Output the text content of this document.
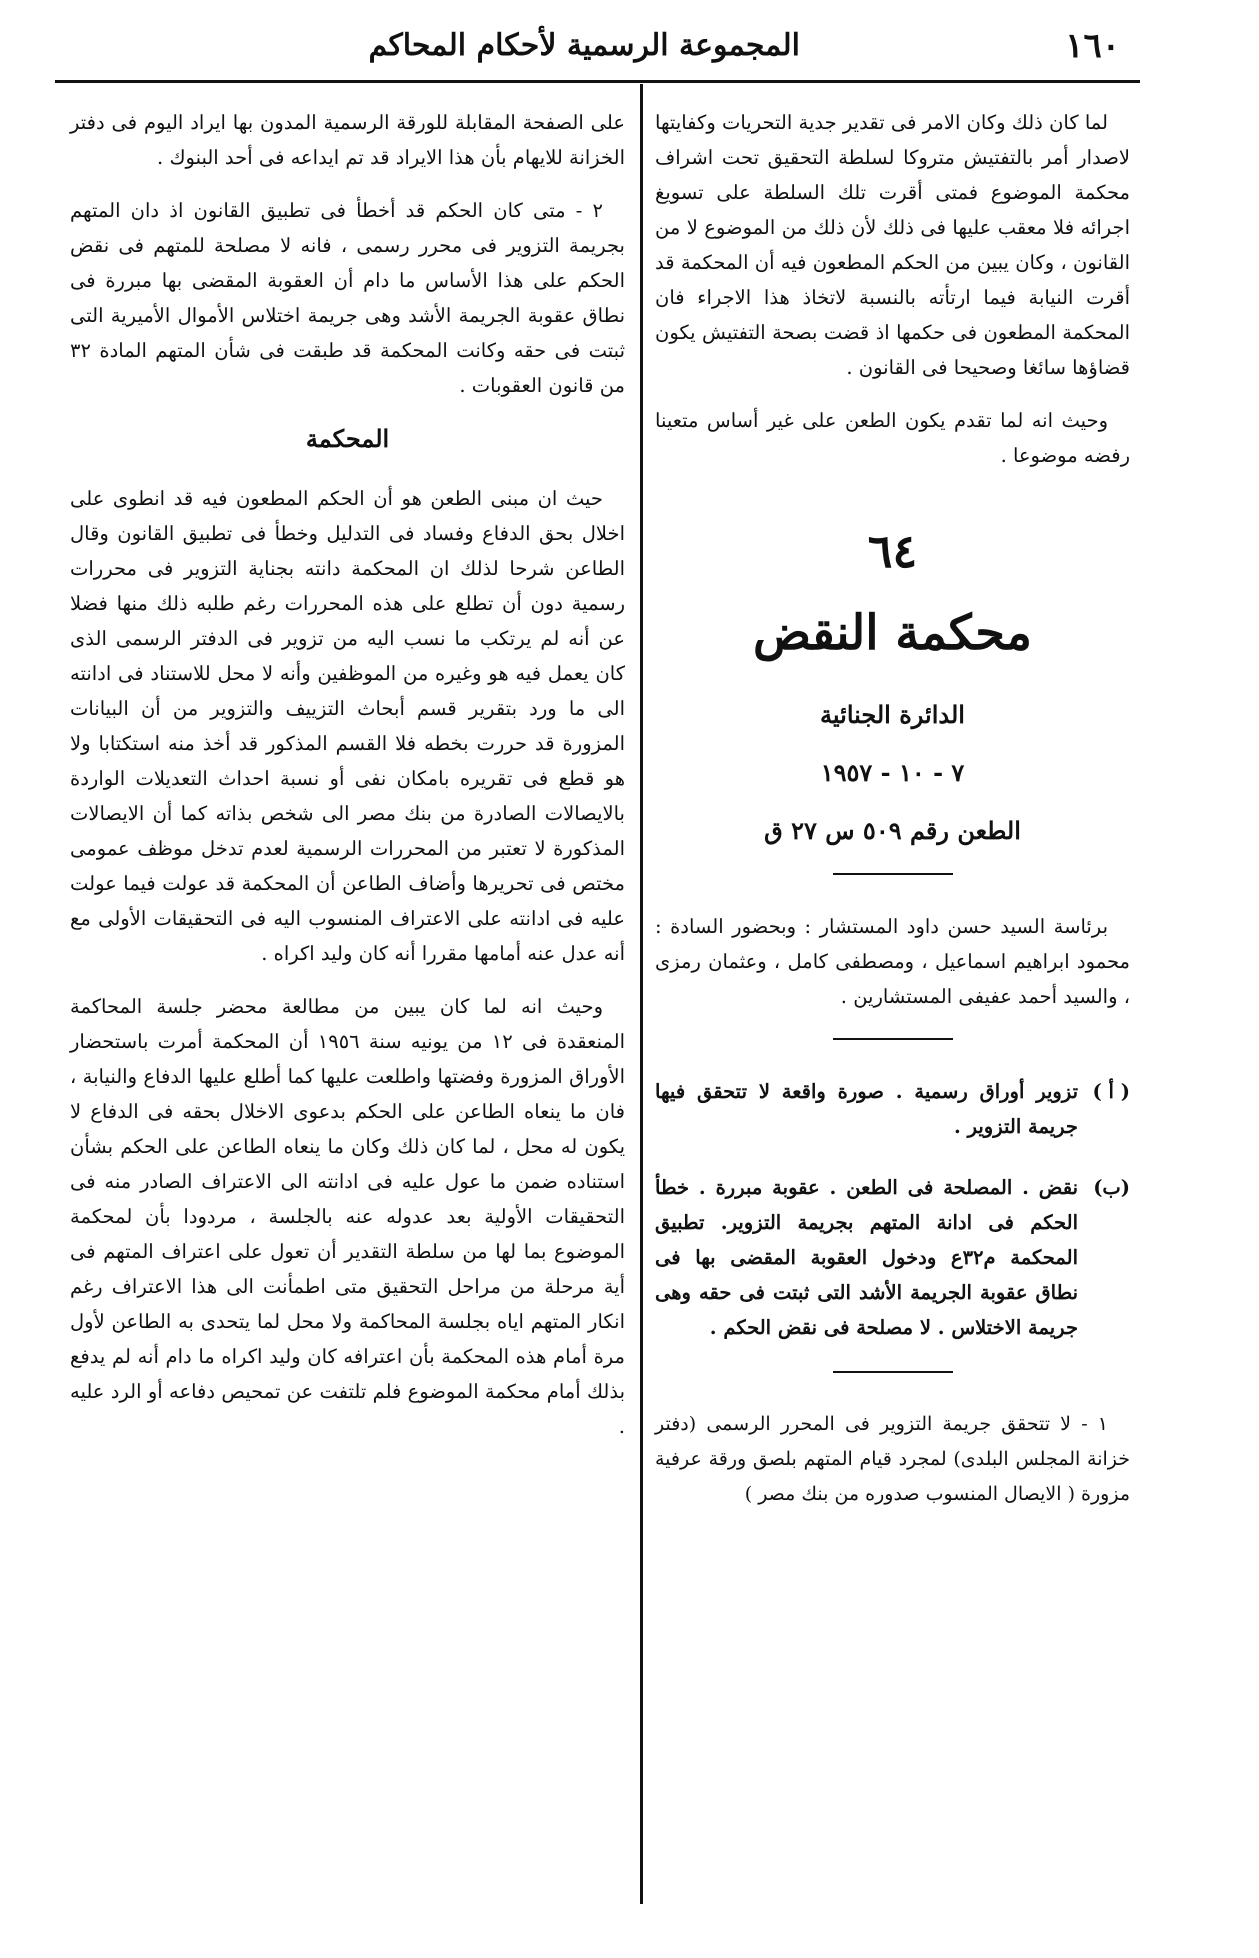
١٦٠
المجموعة الرسمية لأحكام المحاكم

لما كان ذلك وكان الامر فى تقدير جدية التحريات وكفايتها لاصدار أمر بالتفتيش متروكا لسلطة التحقيق تحت اشراف محكمة الموضوع فمتى أقرت تلك السلطة على تسويغ اجرائه فلا معقب عليها فى ذلك لأن ذلك من الموضوع لا من القانون ، وكان يبين من الحكم المطعون فيه أن المحكمة قد أقرت النيابة فيما ارتأته بالنسبة لاتخاذ هذا الاجراء فان المحكمة المطعون فى حكمها اذ قضت بصحة التفتيش يكون قضاؤها سائغا وصحيحا فى القانون .

وحيث انه لما تقدم يكون الطعن على غير أساس متعينا رفضه موضوعا .

٦٤
محكمة النقض
الدائرة الجنائية
٧ - ١٠ - ١٩٥٧
الطعن رقم ٥٠٩ س ٢٧ ق

برئاسة السيد حسن داود المستشار : وبحضور السادة : محمود ابراهيم اسماعيل ، ومصطفى كامل ، وعثمان رمزى ، والسيد أحمد عفيفى المستشارين .

( أ )
تزوير أوراق رسمية . صورة واقعة لا تتحقق فيها جريمة التزوير .
(ب)
نقض . المصلحة فى الطعن . عقوبة مبررة . خطأ الحكم فى ادانة المتهم بجريمة التزوير. تطبيق المحكمة م٣٢ع ودخول العقوبة المقضى بها فى نطاق عقوبة الجريمة الأشد التى ثبتت فى حقه وهى جريمة الاختلاس . لا مصلحة فى نقض الحكم .

١ - لا تتحقق جريمة التزوير فى المحرر الرسمى (دفتر خزانة المجلس البلدى) لمجرد قيام المتهم بلصق ورقة عرفية مزورة ( الايصال المنسوب صدوره من بنك مصر )

على الصفحة المقابلة للورقة الرسمية المدون بها ايراد اليوم فى دفتر الخزانة للايهام بأن هذا الايراد قد تم ايداعه فى أحد البنوك .

٢ - متى كان الحكم قد أخطأ فى تطبيق القانون اذ دان المتهم بجريمة التزوير فى محرر رسمى ، فانه لا مصلحة للمتهم فى نقض الحكم على هذا الأساس ما دام أن العقوبة المقضى بها مبررة فى نطاق عقوبة الجريمة الأشد وهى جريمة اختلاس الأموال الأميرية التى ثبتت فى حقه وكانت المحكمة قد طبقت فى شأن المتهم المادة ٣٢ من قانون العقوبات .

المحكمة

حيث ان مبنى الطعن هو أن الحكم المطعون فيه قد انطوى على اخلال بحق الدفاع وفساد فى التدليل وخطأ فى تطبيق القانون وقال الطاعن شرحا لذلك ان المحكمة دانته بجناية التزوير فى محررات رسمية دون أن تطلع على هذه المحررات رغم طلبه ذلك منها فضلا عن أنه لم يرتكب ما نسب اليه من تزوير فى الدفتر الرسمى الذى كان يعمل فيه هو وغيره من الموظفين وأنه لا محل للاستناد فى ادانته الى ما ورد بتقرير قسم أبحاث التزييف والتزوير من أن البيانات المزورة قد حررت بخطه فلا القسم المذكور قد أخذ منه استكتابا ولا هو قطع فى تقريره بامكان نفى أو نسبة احداث التعديلات الواردة بالايصالات الصادرة من بنك مصر الى شخص بذاته كما أن الايصالات المذكورة لا تعتبر من المحررات الرسمية لعدم تدخل موظف عمومى مختص فى تحريرها وأضاف الطاعن أن المحكمة قد عولت فيما عولت عليه فى ادانته على الاعتراف المنسوب اليه فى التحقيقات الأولى مع أنه عدل عنه أمامها مقررا أنه كان وليد اكراه .

وحيث انه لما كان يبين من مطالعة محضر جلسة المحاكمة المنعقدة فى ١٢ من يونيه سنة ١٩٥٦ أن المحكمة أمرت باستحضار الأوراق المزورة وفضتها واطلعت عليها كما أطلع عليها الدفاع والنيابة ، فان ما ينعاه الطاعن على الحكم بدعوى الاخلال بحقه فى الدفاع لا يكون له محل ، لما كان ذلك وكان ما ينعاه الطاعن على الحكم بشأن استناده ضمن ما عول عليه فى ادانته الى الاعتراف الصادر منه فى التحقيقات الأولية بعد عدوله عنه بالجلسة ، مردودا بأن لمحكمة الموضوع بما لها من سلطة التقدير أن تعول على اعتراف المتهم فى أية مرحلة من مراحل التحقيق متى اطمأنت الى هذا الاعتراف رغم انكار المتهم اياه بجلسة المحاكمة ولا محل لما يتحدى به الطاعن لأول مرة أمام هذه المحكمة بأن اعترافه كان وليد اكراه ما دام أنه لم يدفع بذلك أمام محكمة الموضوع فلم تلتفت عن تمحيص دفاعه أو الرد عليه .
